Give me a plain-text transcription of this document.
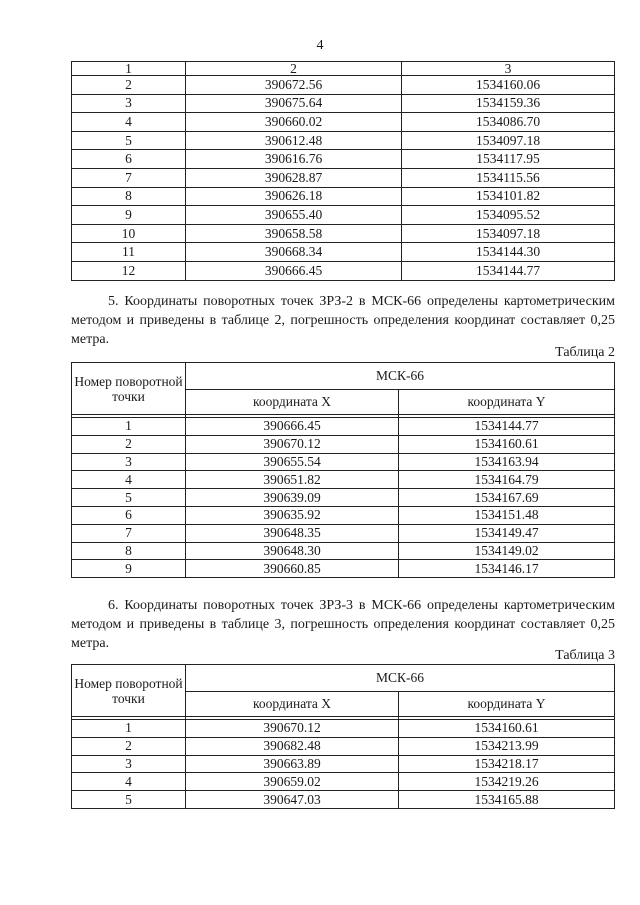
4
1	2	3
2	390672.56	1534160.06
3	390675.64	1534159.36
4	390660.02	1534086.70
5	390612.48	1534097.18
6	390616.76	1534117.95
7	390628.87	1534115.56
8	390626.18	1534101.82
9	390655.40	1534095.52
10	390658.58	1534097.18
11	390668.34	1534144.30
12	390666.45	1534144.77

5. Координаты поворотных точек ЗРЗ-2 в МСК-66 определены картометрическим методом и приведены в таблице 2, погрешность определения координат составляет 0,25 метра.

Таблица 2
Номер поворотной точки	МСК-66	
	координата X	координата Y

1	390666.45	1534144.77
2	390670.12	1534160.61
3	390655.54	1534163.94
4	390651.82	1534164.79
5	390639.09	1534167.69
6	390635.92	1534151.48
7	390648.35	1534149.47
8	390648.30	1534149.02
9	390660.85	1534146.17

6. Координаты поворотных точек ЗРЗ-3 в МСК-66 определены картометрическим методом и приведены в таблице 3, погрешность определения координат составляет 0,25 метра.

Таблица 3
Номер поворотной точки	МСК-66	
	координата X	координата Y

1	390670.12	1534160.61
2	390682.48	1534213.99
3	390663.89	1534218.17
4	390659.02	1534219.26
5	390647.03	1534165.88
